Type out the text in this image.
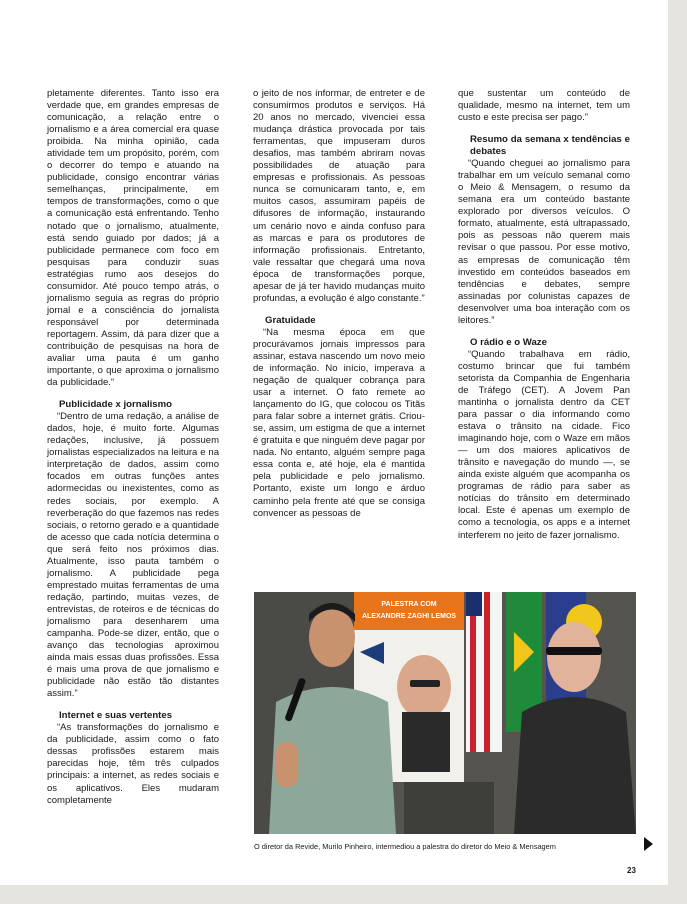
pletamente diferentes. Tanto isso era verdade que, em grandes empresas de comunicação, a relação entre o jornalismo e a área comercial era quase proibida. Na minha opinião, cada atividade tem um propósito, porém, com o decorrer do tempo e atuando na publicidade, consigo encontrar várias semelhanças, principalmente, em tempos de transformações, como o que a comunicação está enfrentando. Tenho notado que o jornalismo, atualmente, está sendo guiado por dados; já a publicidade permanece com foco em pesquisas para conduzir suas estratégias rumo aos desejos do consumidor. Até pouco tempo atrás, o jornalismo seguia as regras do próprio jornal e a consciência do jornalista responsável por determinada reportagem. Assim, dá para dizer que a contribuição de pesquisas na hora de avaliar uma pauta é um ganho importante, o que aproxima o jornalismo da publicidade.”

Publicidade x jornalismo

“Dentro de uma redação, a análise de dados, hoje, é muito forte. Algumas redações, inclusive, já possuem jornalistas especializados na leitura e na interpretação de dados, assim como focados em outras funções antes adormecidas ou inexistentes, como as redes sociais, por exemplo. A reverberação do que fazemos nas redes sociais, o retorno gerado e a quantidade de acesso que cada notícia determina o que será feito nos próximos dias. Atualmente, isso pauta também o jornalismo. A publicidade pega emprestado muitas ferramentas de uma redação, partindo, muitas vezes, de entrevistas, de roteiros e de técnicas do jornalismo para desenharem uma campanha. Pode-se dizer, então, que o avanço das tecnologias aproximou ainda mais essas duas profissões. Essa é mais uma prova de que jornalismo e publicidade não estão tão distantes assim.”

Internet e suas vertentes

“As transformações do jornalismo e da publicidade, assim como o fato dessas profissões estarem mais parecidas hoje, têm três culpados principais: a internet, as redes sociais e os aplicativos. Eles mudaram completamente

o jeito de nos informar, de entreter e de consumirmos produtos e serviços. Há 20 anos no mercado, vivenciei essa mudança drástica provocada por tais ferramentas, que impuseram duros desafios, mas também abriram novas possibilidades de atuação para empresas e profissionais. As pessoas nunca se comunicaram tanto, e, em muitos casos, assumiram papéis de difusores de informação, instaurando um cenário novo e ainda confuso para as marcas e para os produtores de informação profissionais. Entretanto, vale ressaltar que chegará uma nova época de transformações porque, apesar de já ter havido mudanças muito profundas, a evolução é algo constante.”

Gratuidade

“Na mesma época em que procurávamos jornais impressos para assinar, estava nascendo um novo meio de informação. No início, imperava a negação de qualquer cobrança para usar a internet. O fato remete ao lançamento do IG, que colocou os Titãs para falar sobre a internet grátis. Criou-se, assim, um estigma de que a internet é gratuita e que ninguém deve pagar por nada. No entanto, alguém sempre paga essa conta e, até hoje, ela é mantida pela publicidade e pelo jornalismo. Portanto, existe um longo e árduo caminho pela frente até que se consiga convencer as pessoas de

que sustentar um conteúdo de qualidade, mesmo na internet, tem um custo e este precisa ser pago.”

Resumo da semana x tendências e debates

“Quando cheguei ao jornalismo para trabalhar em um veículo semanal como o Meio & Mensagem, o resumo da semana era um conteúdo bastante explorado por diversos veículos. O formato, atualmente, está ultrapassado, pois as pessoas não querem mais revisar o que passou. Por esse motivo, as empresas de comunicação têm investido em conteúdos baseados em tendências e debates, sempre assinadas por colunistas capazes de desenvolver uma boa interação com os leitores.”

O rádio e o Waze

“Quando trabalhava em rádio, costumo brincar que fui também setorista da Companhia de Engenharia de Tráfego (CET). A Jovem Pan mantinha o jornalista dentro da CET para passar o dia informando como estava o trânsito na cidade. Fico imaginando hoje, com o Waze em mãos — um dos maiores aplicativos de trânsito e navegação do mundo —, se ainda existe alguém que acompanha os programas de rádio para saber as notícias do trânsito em determinado local. Este é apenas um exemplo de como a tecnologia, os apps e a internet interferem no jeito de fazer jornalismo.

PALESTRA COM
ALEXANDRE ZAGHI LEMOS
O diretor da Revide, Murilo Pinheiro, intermediou a palestra do diretor do Meio & Mensagem
23
